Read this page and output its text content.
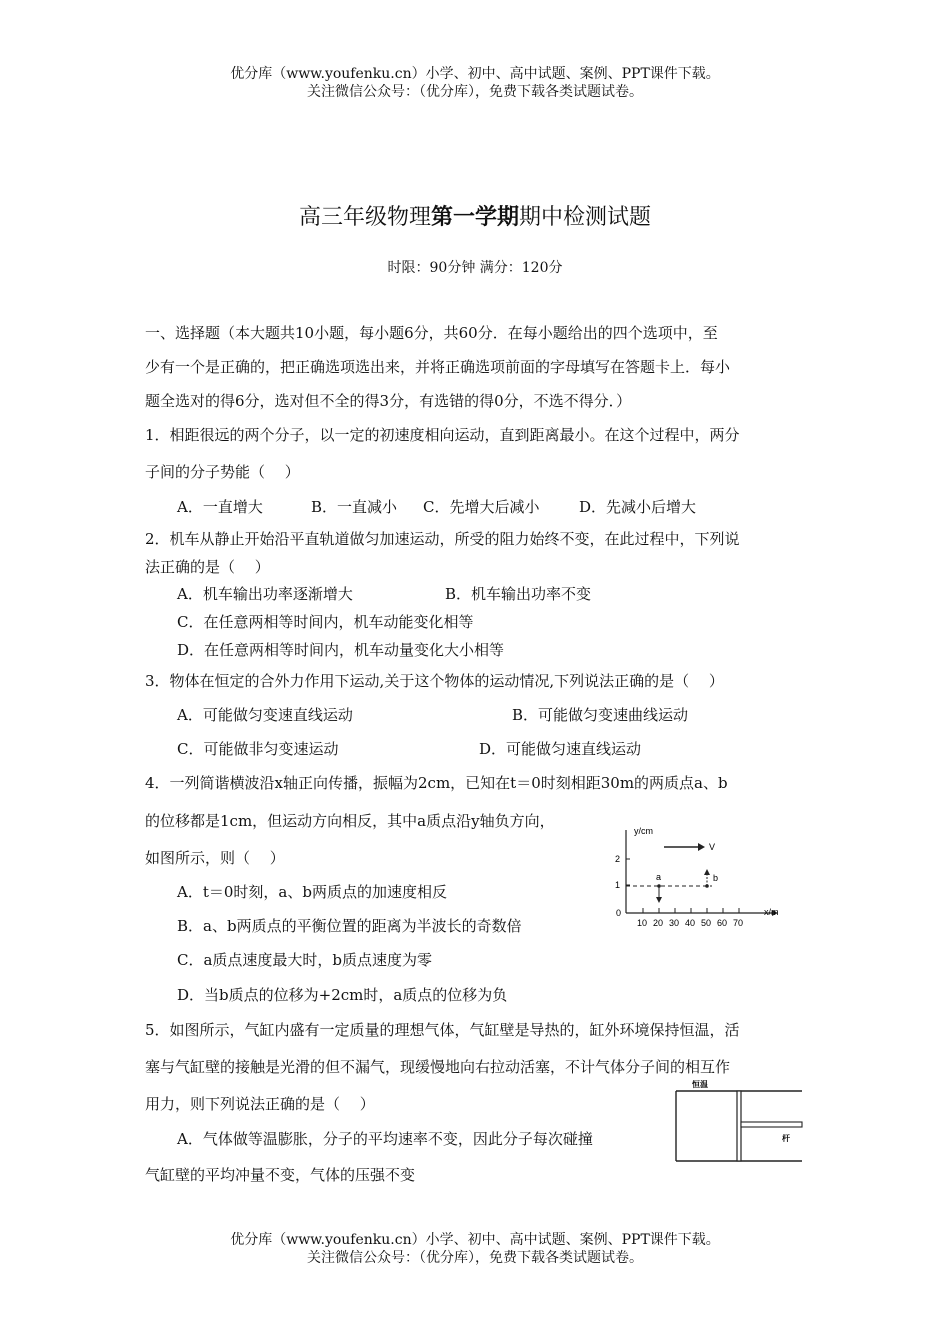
优分库（www.youfenku.cn）小学、初中、高中试题、案例、PPT课件下载。
关注微信公众号：（优分库），免费下载各类试题试卷。
高三年级物理第一学期期中检测试题
时限：90分钟 满分：120分
一、选择题（本大题共10小题，每小题6分，共60分．在每小题给出的四个选项中，至
少有一个是正确的，把正确选项选出来，并将正确选项前面的字母填写在答题卡上．每小
题全选对的得6分，选对但不全的得3分，有选错的得0分，不选不得分．）
1．相距很远的两个分子，以一定的初速度相向运动，直到距离最小。在这个过程中，两分
子间的分子势能（　 ）
A．一直增大	B．一直减小 C．先增大后减小	D．先减小后增大
2．机车从静止开始沿平直轨道做匀加速运动，所受的阻力始终不变，在此过程中，下列说
法正确的是（　 ）
A．机车输出功率逐渐增大	B．机车输出功率不变
C．在任意两相等时间内，机车动能变化相等
D．在任意两相等时间内，机车动量变化大小相等
3．物体在恒定的合外力作用下运动,关于这个物体的运动情况,下列说法正确的是（　 ）
A．可能做匀变速直线运动	B．可能做匀变速曲线运动
C．可能做非匀变速运动	D．可能做匀速直线运动
4．一列简谐横波沿x轴正向传播，振幅为2cm，已知在t＝0时刻相距30m的两质点a、b
的位移都是1cm，但运动方向相反，其中a质点沿y轴负方向，
如图所示，则（　 ）
A．t＝0时刻，a、b两质点的加速度相反
B．a、b两质点的平衡位置的距离为半波长的奇数倍
C．a质点速度最大时，b质点速度为零
D．当b质点的位移为+2cm时，a质点的位移为负
y/cm
x/m
2
1
0
10 20 30 40 50 60 70
V
a	b
5．如图所示，气缸内盛有一定质量的理想气体，气缸壁是导热的，缸外环境保持恒温，活
塞与气缸壁的接触是光滑的但不漏气，现缓慢地向右拉动活塞，不计气体分子间的相互作
用力，则下列说法正确的是（　 ）
A．气体做等温膨胀，分子的平均速率不变，因此分子每次碰撞
气缸壁的平均冲量不变，气体的压强不变
恒温
杆
优分库（www.youfenku.cn）小学、初中、高中试题、案例、PPT课件下载。
关注微信公众号：（优分库），免费下载各类试题试卷。
